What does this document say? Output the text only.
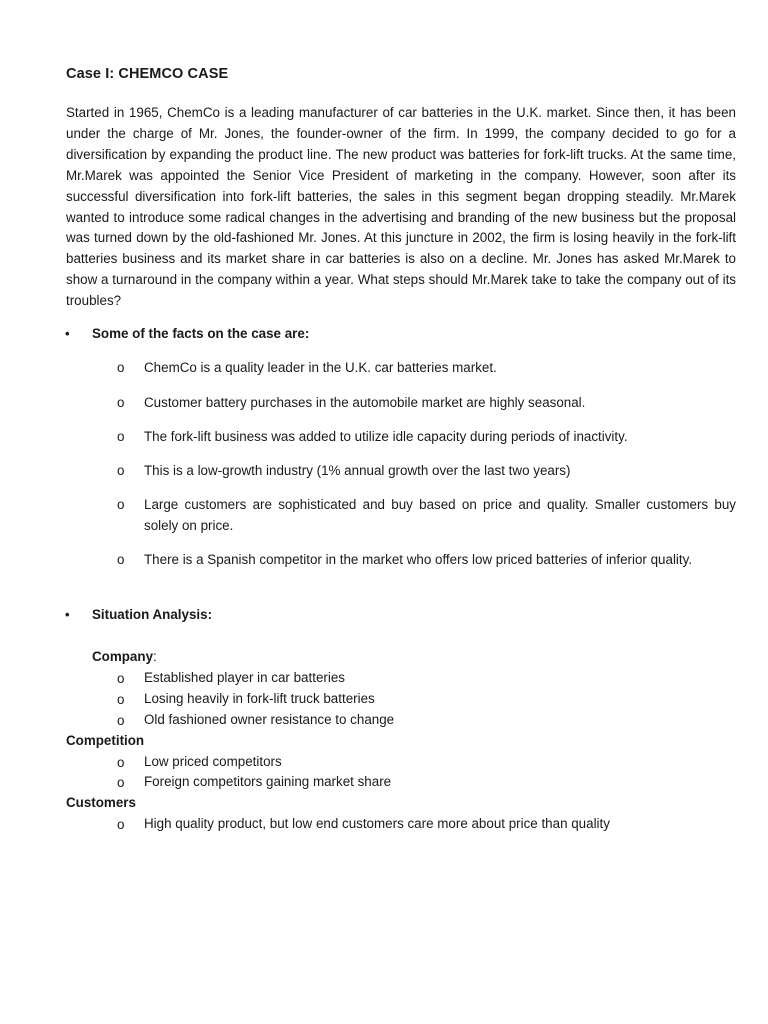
Case I: CHEMCO CASE
Started in 1965, ChemCo is a leading manufacturer of car batteries in the U.K. market. Since then, it has been under the charge of Mr. Jones, the founder-owner of the firm. In 1999, the company decided to go for a diversification by expanding the product line. The new product was batteries for fork-lift trucks. At the same time, Mr.Marek was appointed the Senior Vice President of marketing in the company. However, soon after its successful diversification into fork-lift batteries, the sales in this segment began dropping steadily. Mr.Marek wanted to introduce some radical changes in the advertising and branding of the new business but the proposal was turned down by the old-fashioned Mr. Jones. At this juncture in 2002, the firm is losing heavily in the fork-lift batteries business and its market share in car batteries is also on a decline. Mr. Jones has asked Mr.Marek to show a turnaround in the company within a year. What steps should Mr.Marek take to take the company out of its troubles?
• Some of the facts on the case are:
o ChemCo is a quality leader in the U.K. car batteries market.
o Customer battery purchases in the automobile market are highly seasonal.
o The fork-lift business was added to utilize idle capacity during periods of inactivity.
o This is a low-growth industry (1% annual growth over the last two years)
o Large customers are sophisticated and buy based on price and quality. Smaller customers buy solely on price.
o There is a Spanish competitor in the market who offers low priced batteries of inferior quality.
• Situation Analysis:
Company:
o Established player in car batteries
o Losing heavily in fork-lift truck batteries
o Old fashioned owner resistance to change
Competition
o Low priced competitors
o Foreign competitors gaining market share
Customers
o High quality product, but low end customers care more about price than quality
